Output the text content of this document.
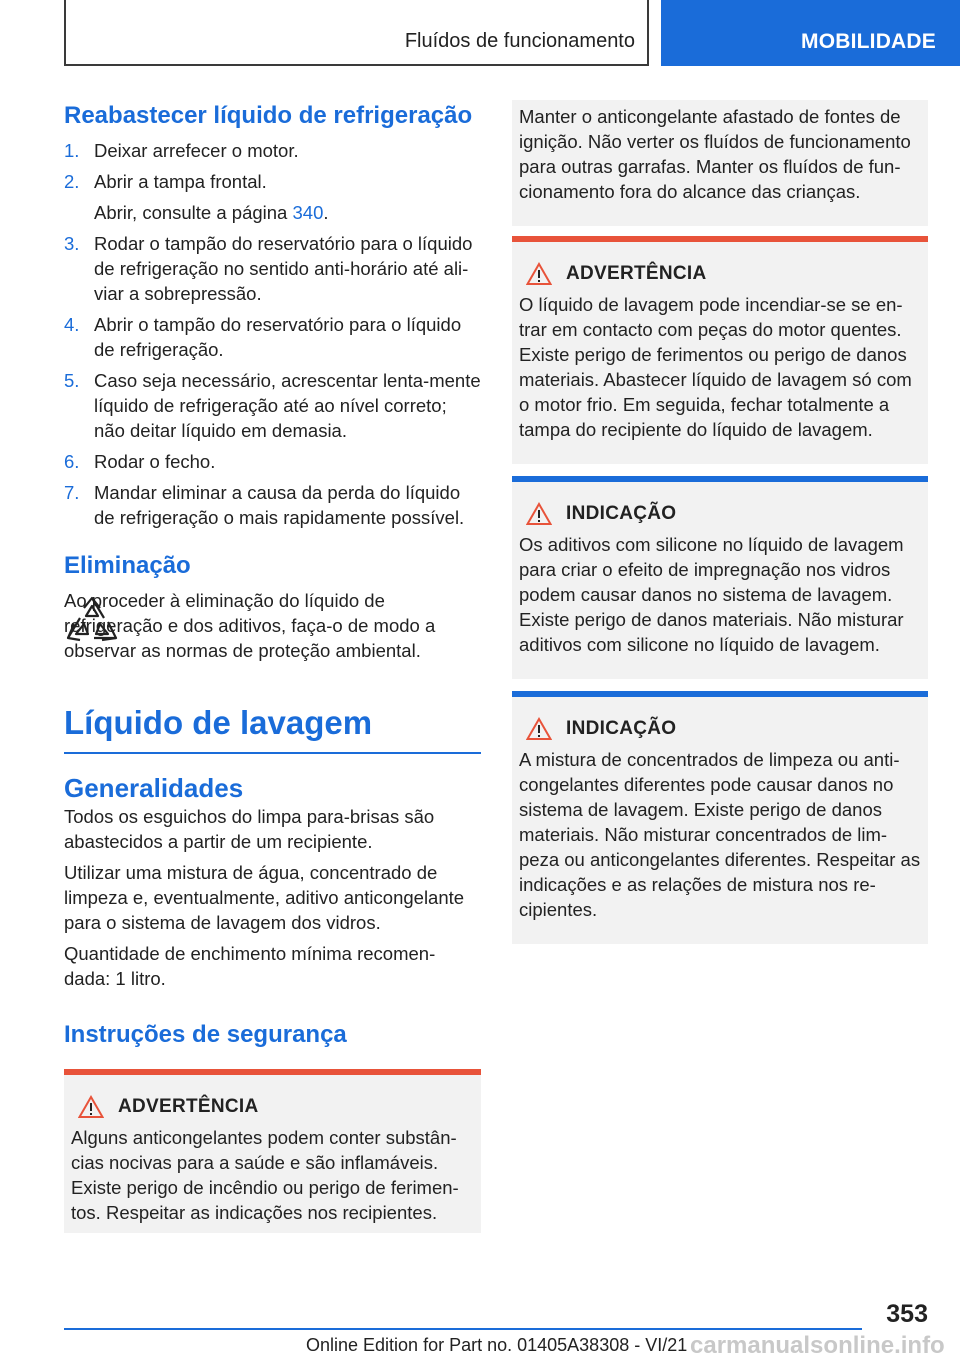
Fluídos de funcionamento	MOBILIDADE
Reabastecer líquido de refrigeração
1. Deixar arrefecer o motor.
2. Abrir a tampa frontal.
Abrir, consulte a página 340.
3. Rodar o tampão do reservatório para o líquido de refrigeração no sentido anti-horário até ali-viar a sobrepressão.
4. Abrir o tampão do reservatório para o líquido de refrigeração.
5. Caso seja necessário, acrescentar lenta-mente líquido de refrigeração até ao nível correto; não deitar líquido em demasia.
6. Rodar o fecho.
7. Mandar eliminar a causa da perda do líquido de refrigeração o mais rapidamente possível.
Eliminação

Ao proceder à eliminação do líquido de refrigeração e dos aditivos, faça-o de modo a observar as normas de proteção ambiental.

Líquido de lavagem
Generalidades

Todos os esguichos do limpa para-brisas são abastecidos a partir de um recipiente.

Utilizar uma mistura de água, concentrado de limpeza e, eventualmente, aditivo anticongelante para o sistema de lavagem dos vidros.

Quantidade de enchimento mínima recomen-dada: 1 litro.

Instruções de segurança
ADVERTÊNCIA

Alguns anticongelantes podem conter substân-cias nocivas para a saúde e são inflamáveis. Existe perigo de incêndio ou perigo de ferimen-tos. Respeitar as indicações nos recipientes.

Manter o anticongelante afastado de fontes de ignição. Não verter os fluídos de funcionamento para outras garrafas. Manter os fluídos de fun-cionamento fora do alcance das crianças.

ADVERTÊNCIA

O líquido de lavagem pode incendiar-se se en-trar em contacto com peças do motor quentes. Existe perigo de ferimentos ou perigo de danos materiais. Abastecer líquido de lavagem só com o motor frio. Em seguida, fechar totalmente a tampa do recipiente do líquido de lavagem.

INDICAÇÃO

Os aditivos com silicone no líquido de lavagem para criar o efeito de impregnação nos vidros podem causar danos no sistema de lavagem. Existe perigo de danos materiais. Não misturar aditivos com silicone no líquido de lavagem.

INDICAÇÃO

A mistura de concentrados de limpeza ou anti-congelantes diferentes pode causar danos no sistema de lavagem. Existe perigo de danos materiais. Não misturar concentrados de lim-peza ou anticongelantes diferentes. Respeitar as indicações e as relações de mistura nos re-cipientes.

353
Online Edition for Part no. 01405A38308 - VI/21 carmanualsonline.info
